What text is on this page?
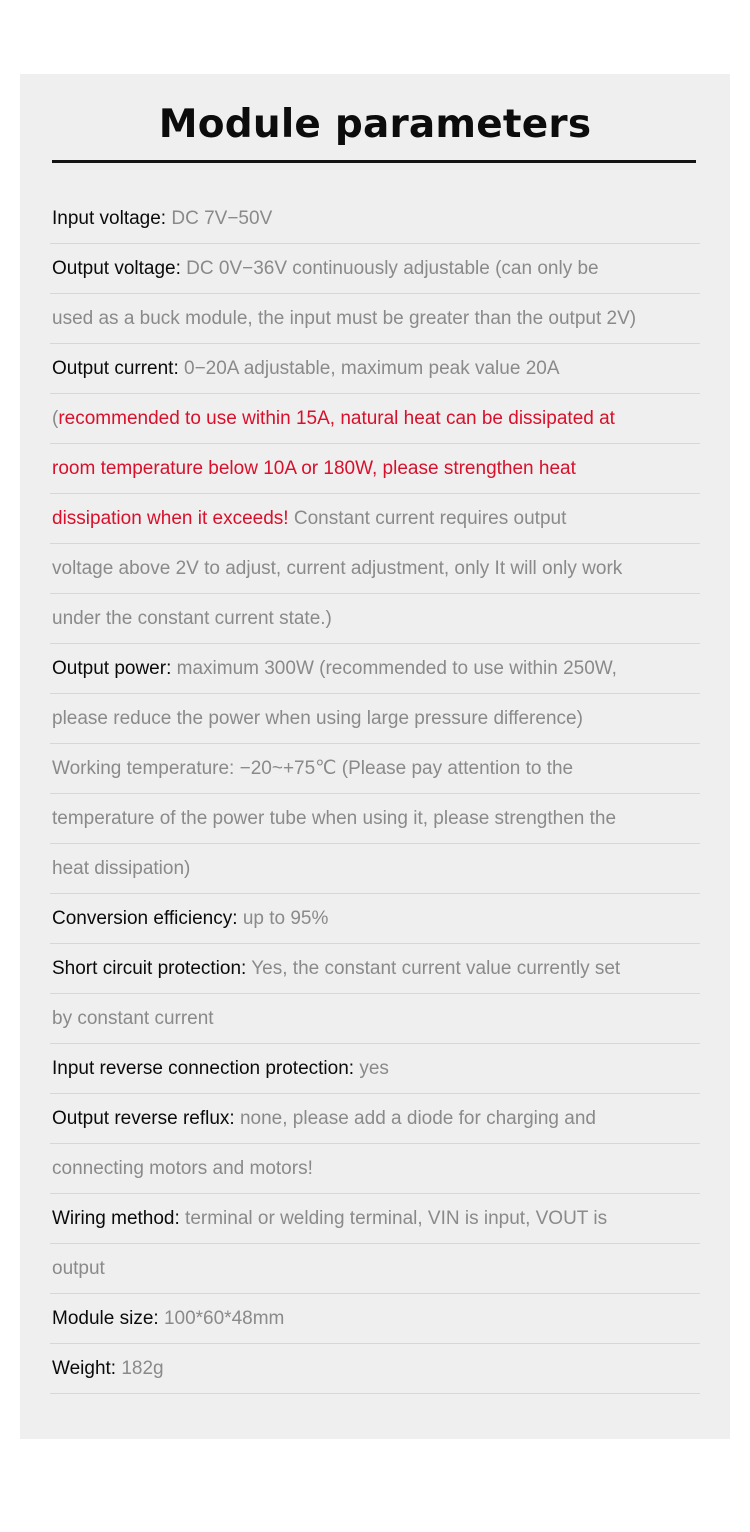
Module parameters
Input voltage: DC 7V−50V
Output voltage: DC 0V−36V continuously adjustable (can only be
used as a buck module, the input must be greater than the output 2V)
Output current: 0−20A adjustable, maximum peak value 20A
(recommended to use within 15A, natural heat can be dissipated at
room temperature below 10A or 180W, please strengthen heat
dissipation when it exceeds! Constant current requires output
voltage above 2V to adjust, current adjustment, only It will only work
under the constant current state.)
Output power: maximum 300W (recommended to use within 250W,
please reduce the power when using large pressure difference)
Working temperature: −20~+75℃ (Please pay attention to the
temperature of the power tube when using it, please strengthen the
heat dissipation)
Conversion efficiency: up to 95%
Short circuit protection: Yes, the constant current value currently set
by constant current
Input reverse connection protection: yes
Output reverse reflux: none, please add a diode for charging and
connecting motors and motors!
Wiring method: terminal or welding terminal, VIN is input, VOUT is
output
Module size: 100*60*48mm
Weight: 182g
